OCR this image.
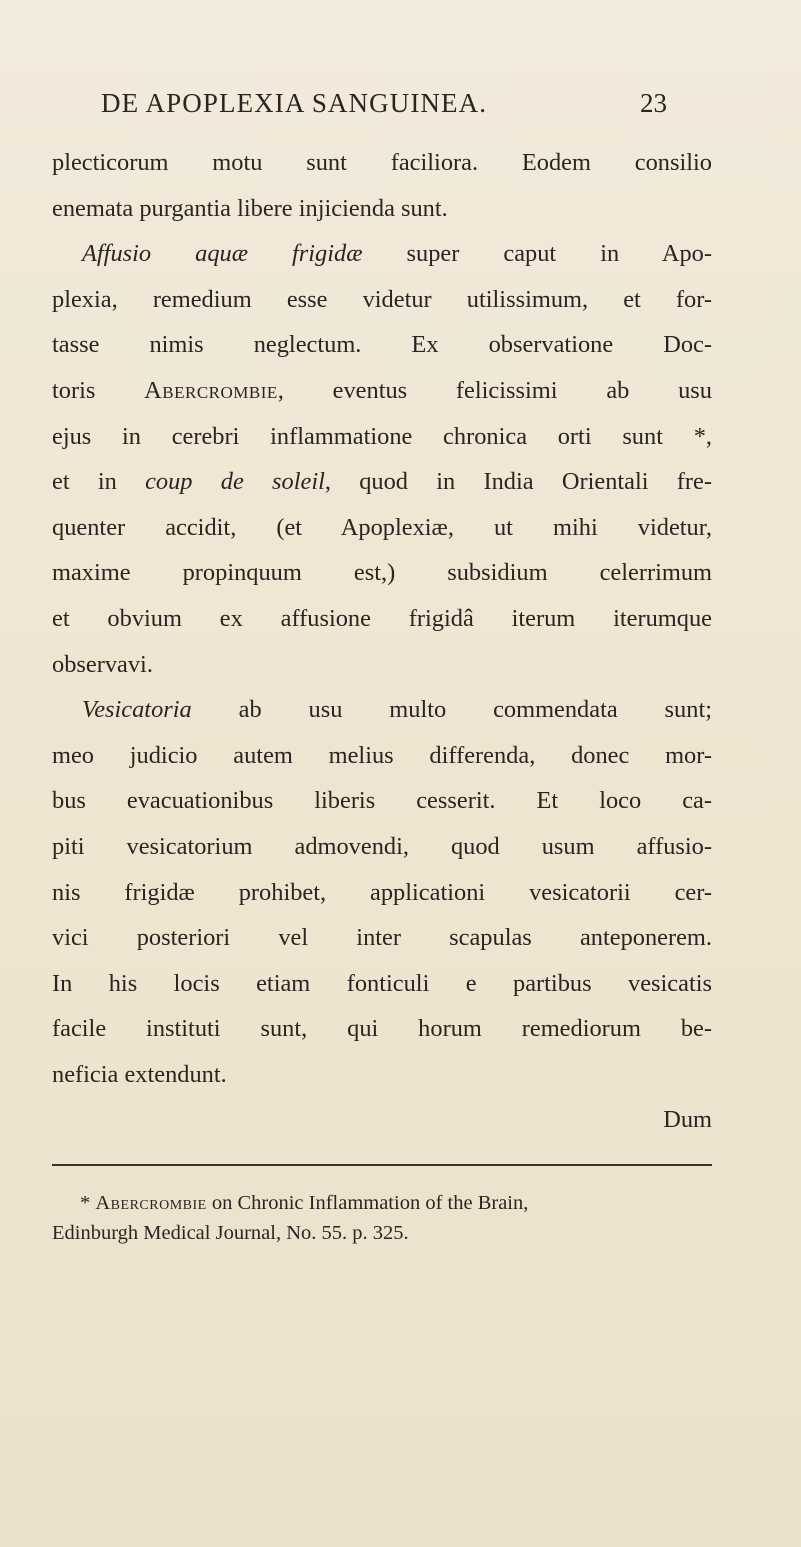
DE APOPLEXIA SANGUINEA.	23
plecticorum motu sunt faciliora. Eodem consilio
enemata purgantia libere injicienda sunt.
Affusio aquæ frigidæ super caput in Apo-
plexia, remedium esse videtur utilissimum, et for-
tasse nimis neglectum. Ex observatione Doc-
toris Abercrombie, eventus felicissimi ab usu
ejus in cerebri inflammatione chronica orti sunt *,
et in coup de soleil, quod in India Orientali fre-
quenter accidit, (et Apoplexiæ, ut mihi videtur,
maxime propinquum est,) subsidium celerrimum
et obvium ex affusione frigidâ iterum iterumque
observavi.
Vesicatoria ab usu multo commendata sunt;
meo judicio autem melius differenda, donec mor-
bus evacuationibus liberis cesserit. Et loco ca-
piti vesicatorium admovendi, quod usum affusio-
nis frigidæ prohibet, applicationi vesicatorii cer-
vici posteriori vel inter scapulas anteponerem.
In his locis etiam fonticuli e partibus vesicatis
facile instituti sunt, qui horum remediorum be-
neficia extendunt.
Dum
* Abercrombie on Chronic Inflammation of the Brain,
Edinburgh Medical Journal, No. 55. p. 325.
